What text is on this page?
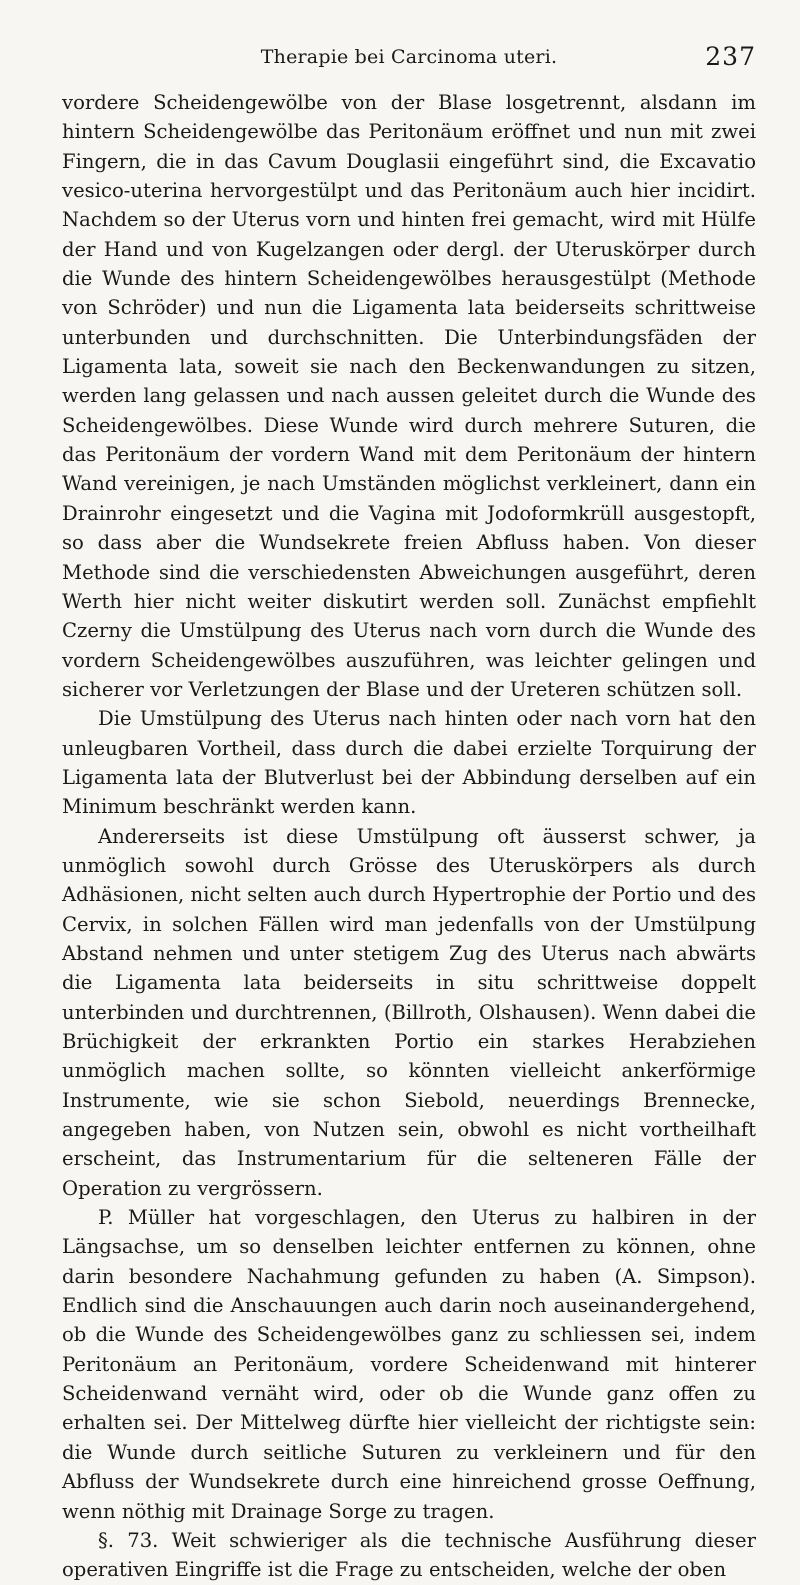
Therapie bei Carcinoma uteri.	237

vordere Scheidengewölbe von der Blase losgetrennt, alsdann im hintern Scheidengewölbe das Peritonäum eröffnet und nun mit zwei Fingern, die in das Cavum Douglasii eingeführt sind, die Excavatio vesico-uterina hervorgestülpt und das Peritonäum auch hier incidirt. Nachdem so der Uterus vorn und hinten frei gemacht, wird mit Hülfe der Hand und von Kugelzangen oder dergl. der Uteruskörper durch die Wunde des hintern Scheidengewölbes herausgestülpt (Methode von Schröder) und nun die Ligamenta lata beiderseits schrittweise unterbunden und durchschnitten. Die Unterbindungsfäden der Ligamenta lata, soweit sie nach den Beckenwandungen zu sitzen, werden lang gelassen und nach aussen geleitet durch die Wunde des Scheidengewölbes. Diese Wunde wird durch mehrere Suturen, die das Peritonäum der vordern Wand mit dem Peritonäum der hintern Wand vereinigen, je nach Umständen möglichst verkleinert, dann ein Drainrohr eingesetzt und die Vagina mit Jodoformkrüll ausgestopft, so dass aber die Wundsekrete freien Abfluss haben. Von dieser Methode sind die verschiedensten Abweichungen ausgeführt, deren Werth hier nicht weiter diskutirt werden soll. Zunächst empfiehlt Czerny die Umstülpung des Uterus nach vorn durch die Wunde des vordern Scheidengewölbes auszuführen, was leichter gelingen und sicherer vor Verletzungen der Blase und der Ureteren schützen soll.

Die Umstülpung des Uterus nach hinten oder nach vorn hat den unleugbaren Vortheil, dass durch die dabei erzielte Torquirung der Ligamenta lata der Blutverlust bei der Abbindung derselben auf ein Minimum beschränkt werden kann.

Andererseits ist diese Umstülpung oft äusserst schwer, ja unmöglich sowohl durch Grösse des Uteruskörpers als durch Adhäsionen, nicht selten auch durch Hypertrophie der Portio und des Cervix, in solchen Fällen wird man jedenfalls von der Umstülpung Abstand nehmen und unter stetigem Zug des Uterus nach abwärts die Ligamenta lata beiderseits in situ schrittweise doppelt unterbinden und durchtrennen, (Billroth, Olshausen). Wenn dabei die Brüchigkeit der erkrankten Portio ein starkes Herabziehen unmöglich machen sollte, so könnten vielleicht ankerförmige Instrumente, wie sie schon Siebold, neuerdings Brennecke, angegeben haben, von Nutzen sein, obwohl es nicht vortheilhaft erscheint, das Instrumentarium für die selteneren Fälle der Operation zu vergrössern.

P. Müller hat vorgeschlagen, den Uterus zu halbiren in der Längsachse, um so denselben leichter entfernen zu können, ohne darin besondere Nachahmung gefunden zu haben (A. Simpson). Endlich sind die Anschauungen auch darin noch auseinandergehend, ob die Wunde des Scheidengewölbes ganz zu schliessen sei, indem Peritonäum an Peritonäum, vordere Scheidenwand mit hinterer Scheidenwand vernäht wird, oder ob die Wunde ganz offen zu erhalten sei. Der Mittelweg dürfte hier vielleicht der richtigste sein: die Wunde durch seitliche Suturen zu verkleinern und für den Abfluss der Wundsekrete durch eine hinreichend grosse Oeffnung, wenn nöthig mit Drainage Sorge zu tragen.

§. 73. Weit schwieriger als die technische Ausführung dieser operativen Eingriffe ist die Frage zu entscheiden, welche der oben
